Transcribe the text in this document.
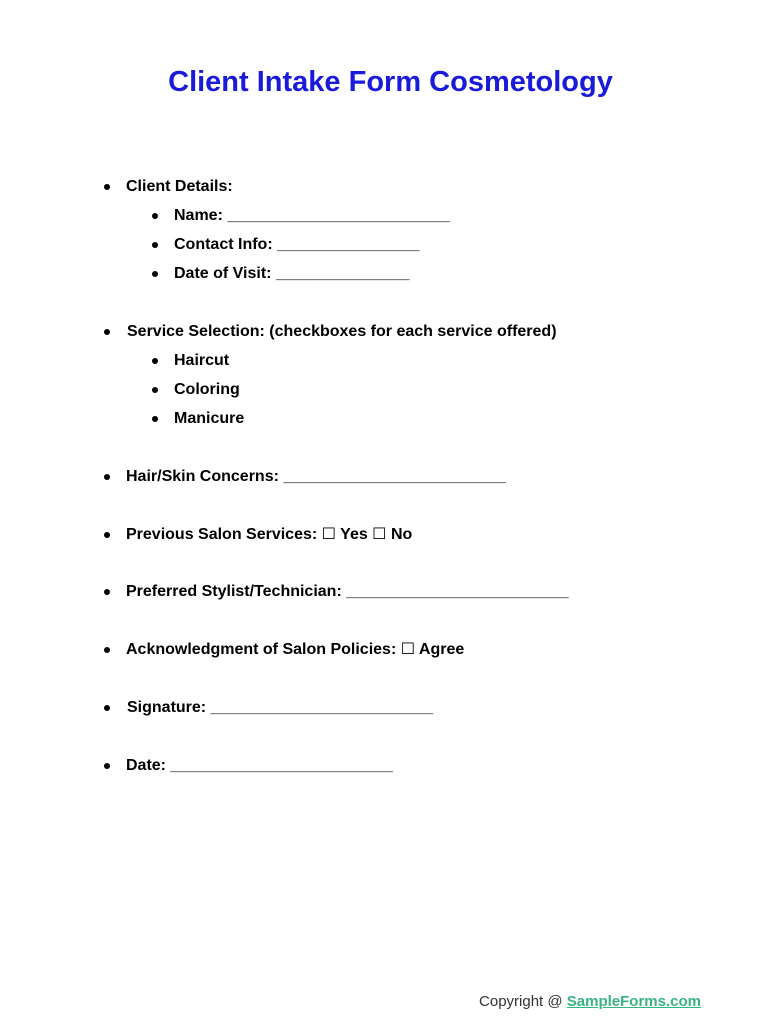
Client Intake Form Cosmetology
Client Details:
Name: _________________________
Contact Info: ________________
Date of Visit: _______________
Service Selection: (checkboxes for each service offered)
Haircut
Coloring
Manicure
Hair/Skin Concerns: _________________________
Previous Salon Services: ☐ Yes ☐ No
Preferred Stylist/Technician: _________________________
Acknowledgment of Salon Policies: ☐ Agree
Signature: _________________________
Date: _________________________
Copyright @ SampleForms.com
